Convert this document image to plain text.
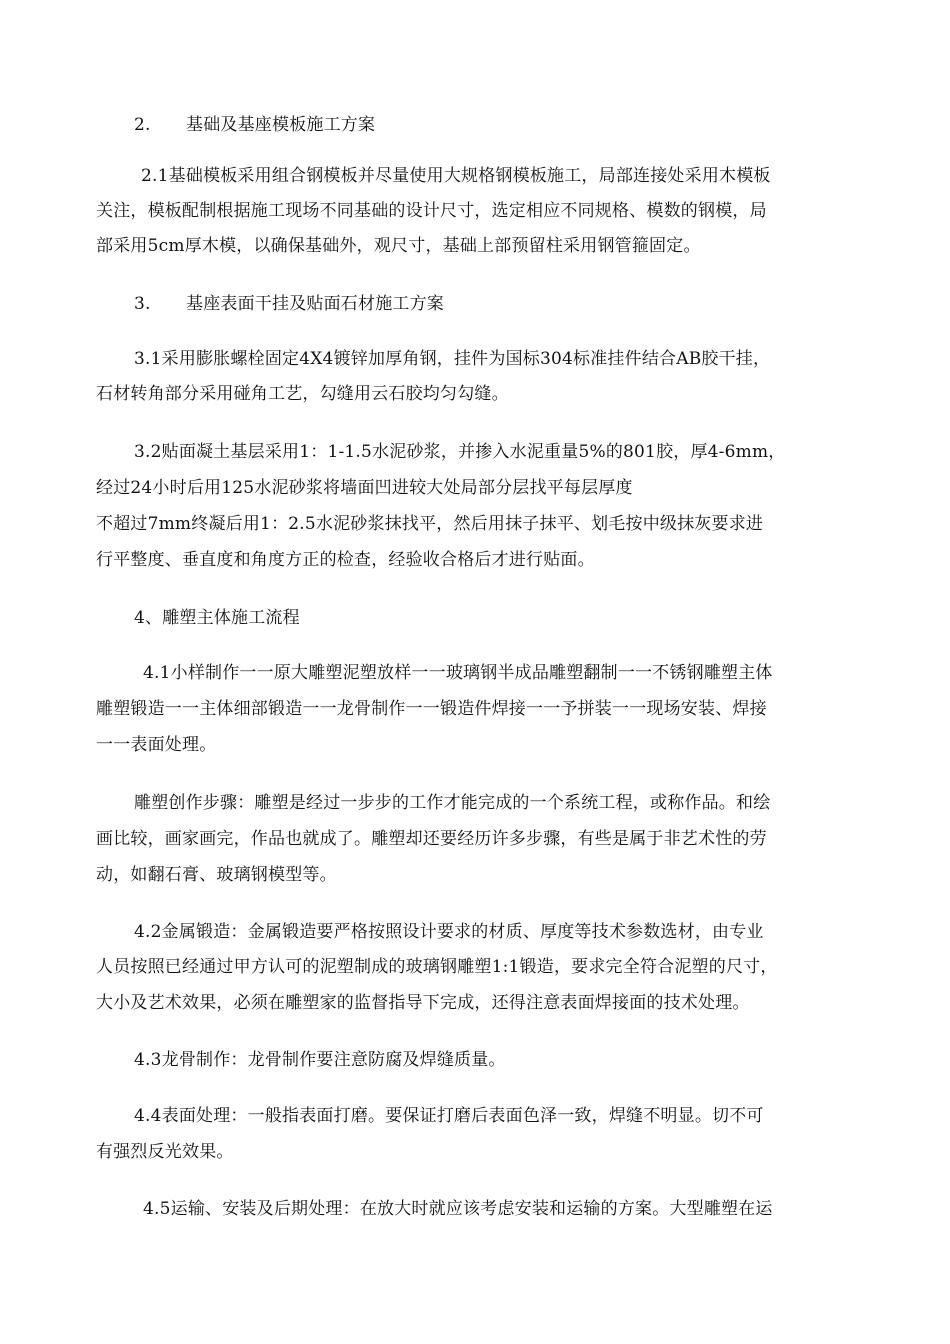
2. 基础及基座模板施工方案
2.1基础模板采用组合钢模板并尽量使用大规格钢模板施工，局部连接处采用木模板
关注，模板配制根据施工现场不同基础的设计尺寸，选定相应不同规格、模数的钢模，局
部采用5cm厚木模，以确保基础外，观尺寸，基础上部预留柱采用钢管箍固定。
3. 基座表面干挂及贴面石材施工方案
3.1采用膨胀螺栓固定4X4镀锌加厚角钢，挂件为国标304标准挂件结合AB胶干挂，
石材转角部分采用碰角工艺，勾缝用云石胶均匀勾缝。
3.2贴面凝土基层采用1：1-1.5水泥砂浆，并掺入水泥重量5%的801胶，厚4-6mm，
经过24小时后用125水泥砂浆将墙面凹进较大处局部分层找平每层厚度
不超过7mm终凝后用1：2.5水泥砂浆抹找平，然后用抹子抹平、划毛按中级抹灰要求进
行平整度、垂直度和角度方正的检查，经验收合格后才进行贴面。
4、雕塑主体施工流程
4.1小样制作一一原大雕塑泥塑放样一一玻璃钢半成品雕塑翻制一一不锈钢雕塑主体
雕塑锻造一一主体细部锻造一一龙骨制作一一锻造件焊接一一予拼装一一现场安装、焊接
一一表面处理。
雕塑创作步骤：雕塑是经过一步步的工作才能完成的一个系统工程，或称作品。和绘
画比较，画家画完，作品也就成了。雕塑却还要经历许多步骤，有些是属于非艺术性的劳
动，如翻石膏、玻璃钢模型等。
4.2金属锻造：金属锻造要严格按照设计要求的材质、厚度等技术参数选材，由专业
人员按照已经通过甲方认可的泥塑制成的玻璃钢雕塑1:1锻造，要求完全符合泥塑的尺寸，
大小及艺术效果，必须在雕塑家的监督指导下完成，还得注意表面焊接面的技术处理。
4.3龙骨制作：龙骨制作要注意防腐及焊缝质量。
4.4表面处理：一般指表面打磨。要保证打磨后表面色泽一致，焊缝不明显。切不可
有强烈反光效果。
4.5运输、安装及后期处理：在放大时就应该考虑安装和运输的方案。大型雕塑在运
